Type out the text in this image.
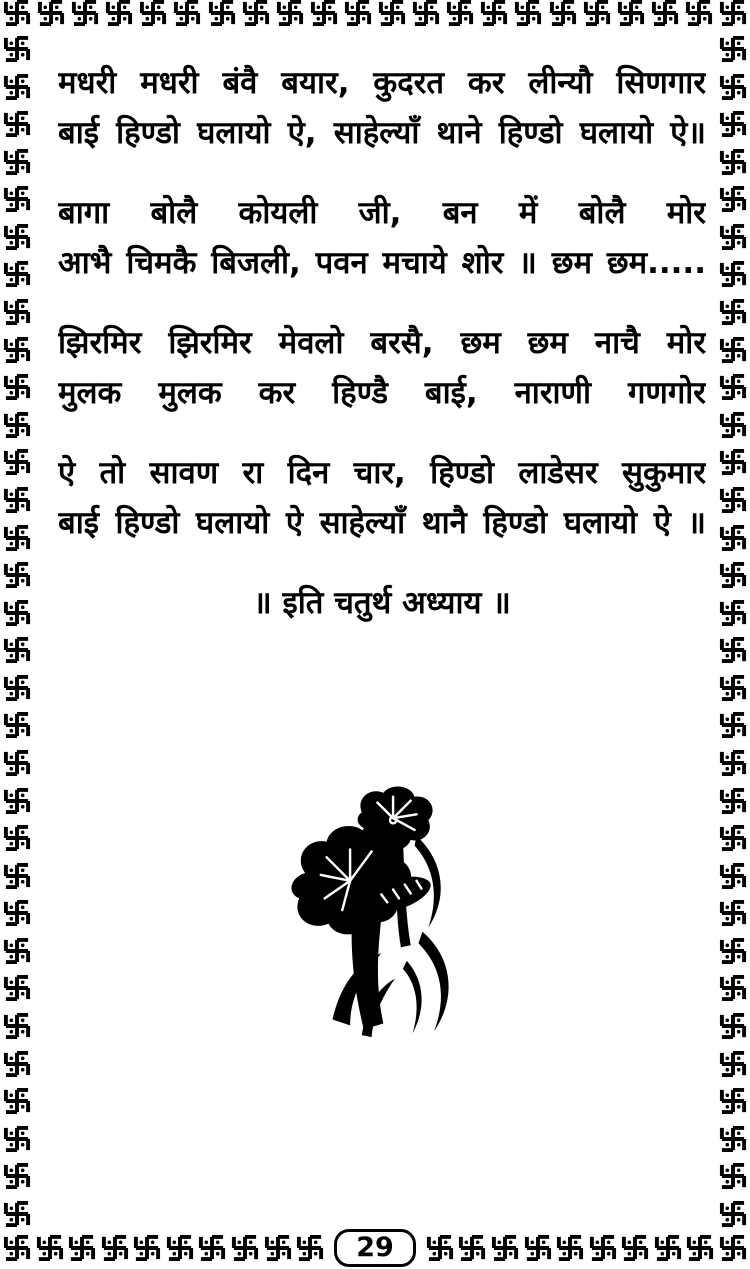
29
मधरी मधरी बंवै बयार, कुदरत कर लीन्यौ सिणगार
बाई हिण्डो घलायो ऐ, साहेल्याँ थाने हिण्डो घलायो ऐ॥
बागा बोलै कोयली जी, बन में बोलै मोर
आभै चिमकै बिजली, पवन मचाये शोर ॥ छम छम.....
झिरमिर झिरमिर मेवलो बरसै, छम छम नाचै मोर
मुलक मुलक कर हिण्डै बाई, नाराणी गणगोर
ऐ तो सावण रा दिन चार, हिण्डो लाडेसर सुकुमार
बाई हिण्डो घलायो ऐ साहेल्याँ थानै हिण्डो घलायो ऐ ॥
॥ इति चतुर्थ अध्याय ॥
